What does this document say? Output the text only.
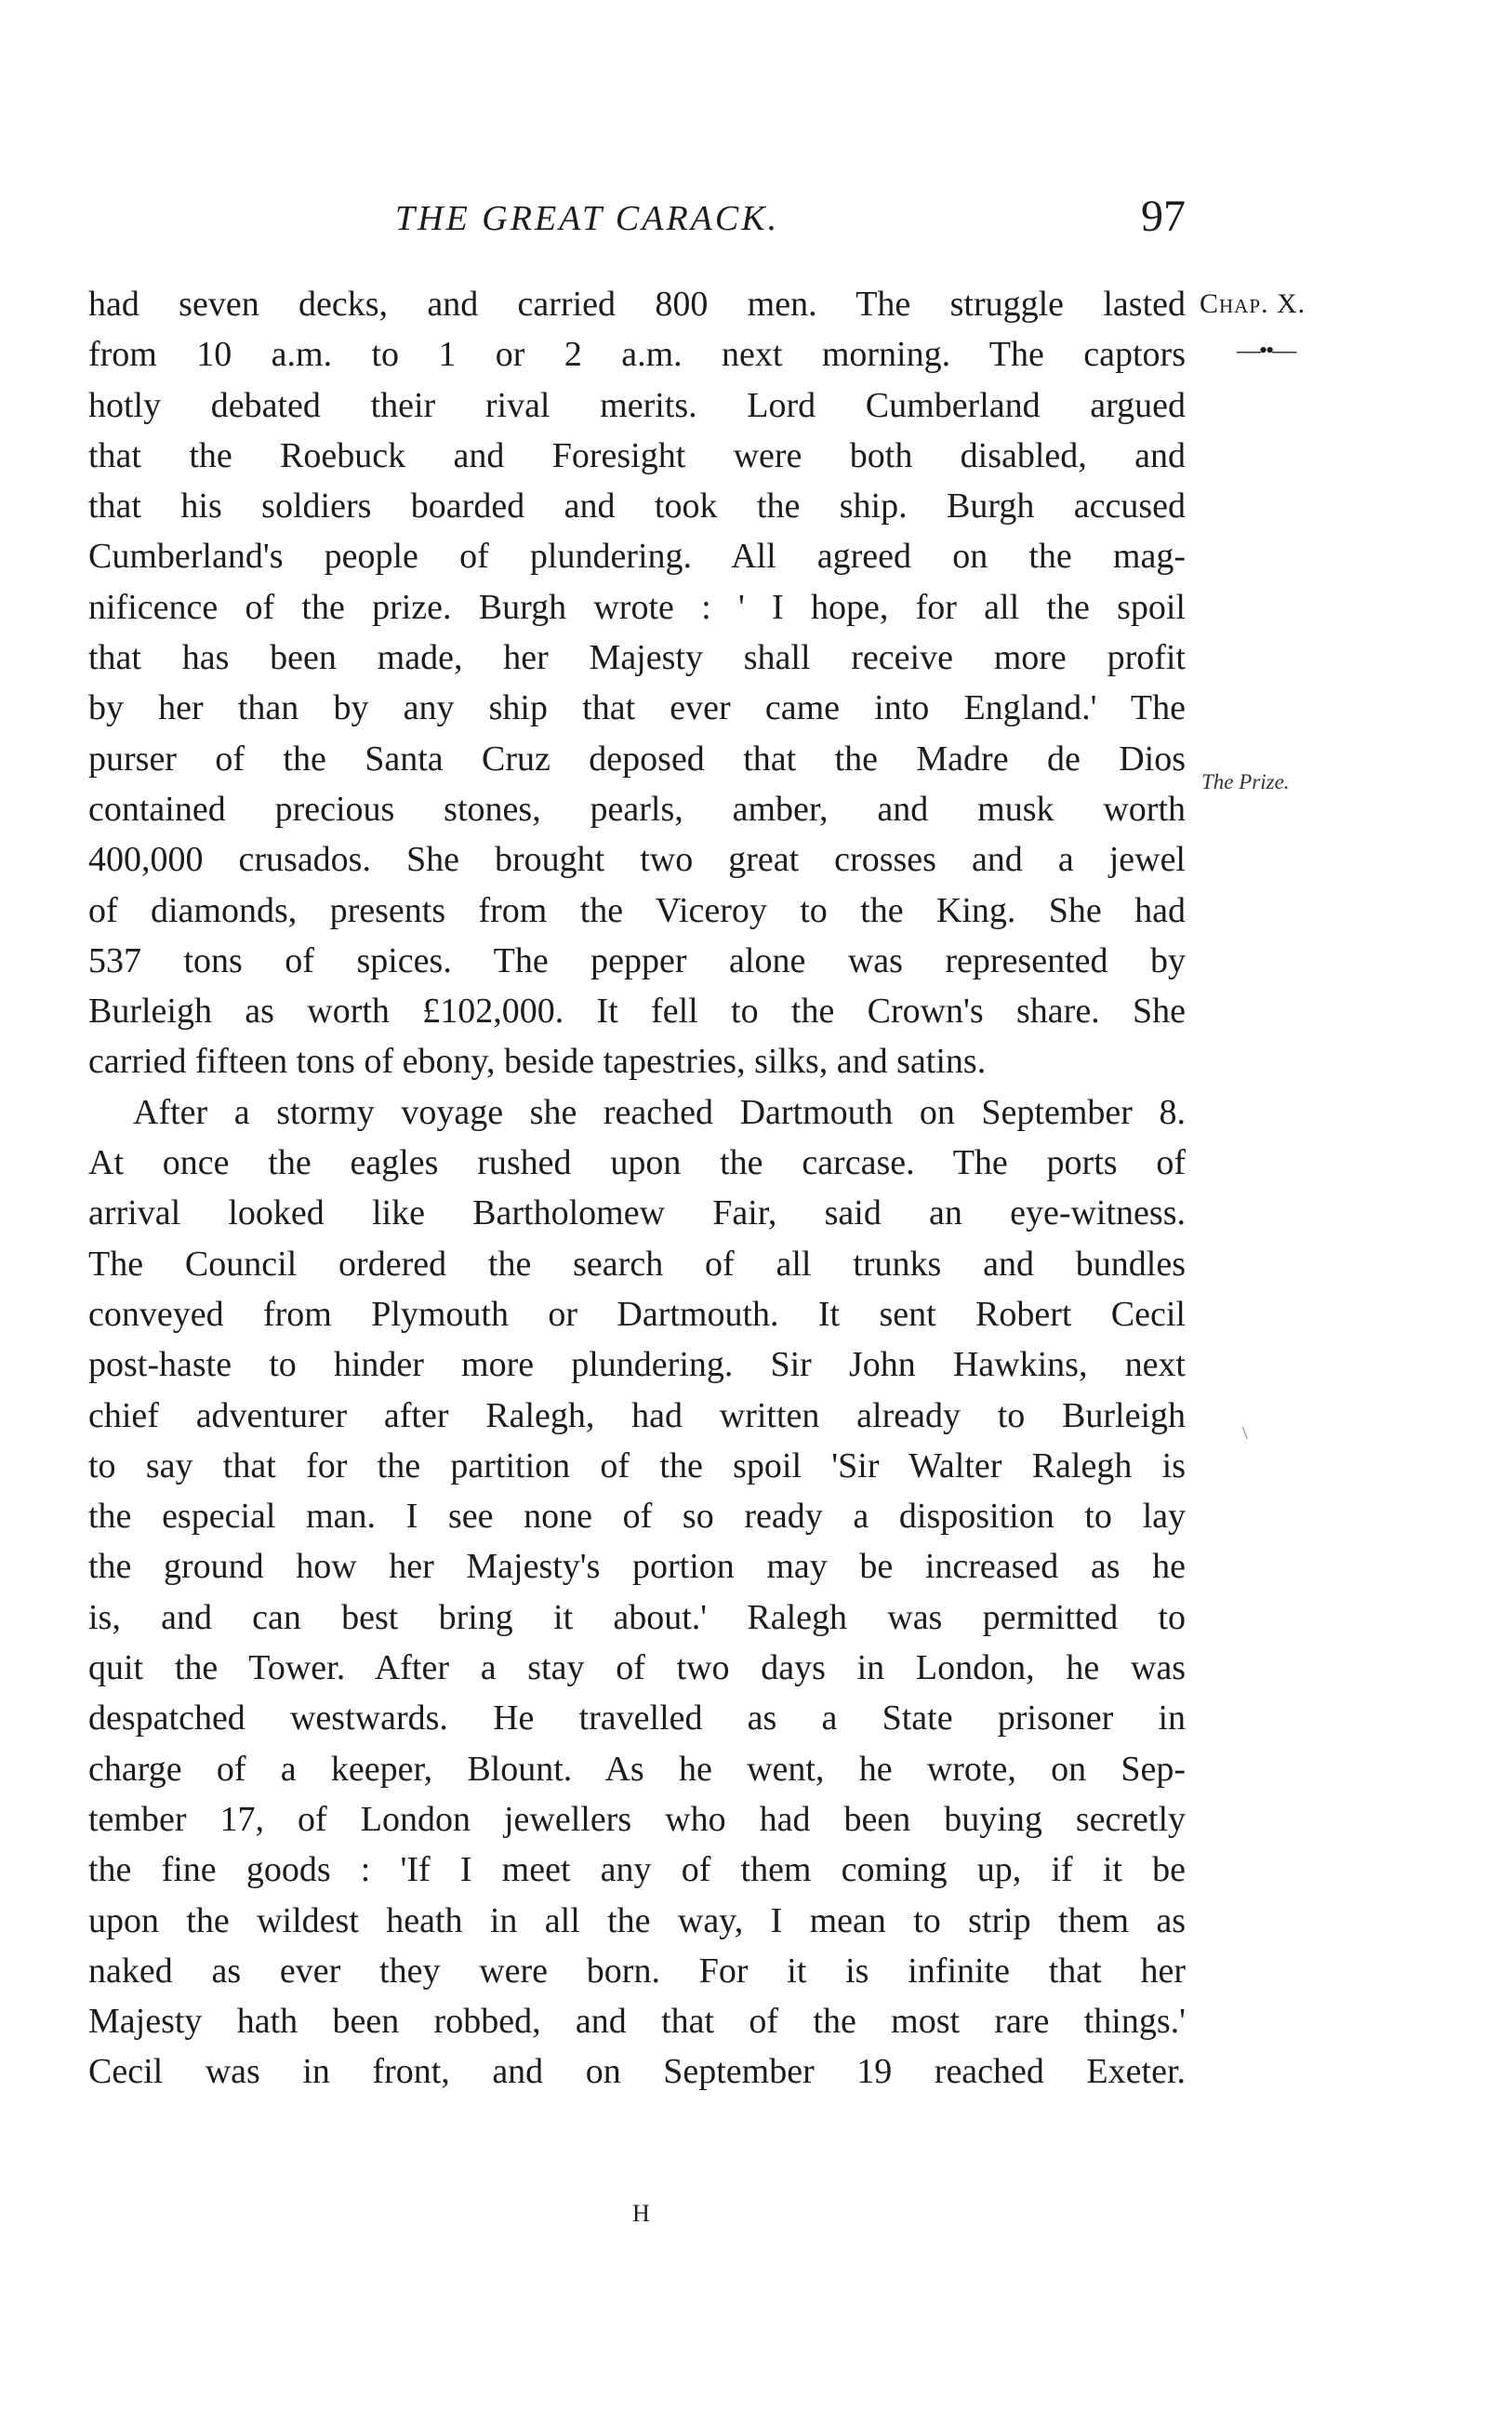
THE GREAT CARACK.	97
had seven decks, and carried 800 men. The struggle lasted
from 10 a.m. to 1 or 2 a.m. next morning. The captors
hotly debated their rival merits. Lord Cumberland argued
that the Roebuck and Foresight were both disabled, and
that his soldiers boarded and took the ship. Burgh accused
Cumberland's people of plundering. All agreed on the mag-
nificence of the prize. Burgh wrote : ' I hope, for all the spoil
that has been made, her Majesty shall receive more profit
by her than by any ship that ever came into England.' The
purser of the Santa Cruz deposed that the Madre de Dios
contained precious stones, pearls, amber, and musk worth
400,000 crusados. She brought two great crosses and a jewel
of diamonds, presents from the Viceroy to the King. She had
537 tons of spices. The pepper alone was represented by
Burleigh as worth £102,000. It fell to the Crown's share. She
carried fifteen tons of ebony, beside tapestries, silks, and satins.
After a stormy voyage she reached Dartmouth on September 8.
At once the eagles rushed upon the carcase. The ports of
arrival looked like Bartholomew Fair, said an eye-witness.
The Council ordered the search of all trunks and bundles
conveyed from Plymouth or Dartmouth. It sent Robert Cecil
post-haste to hinder more plundering. Sir John Hawkins, next
chief adventurer after Ralegh, had written already to Burleigh
to say that for the partition of the spoil 'Sir Walter Ralegh is
the especial man. I see none of so ready a disposition to lay
the ground how her Majesty's portion may be increased as he
is, and can best bring it about.' Ralegh was permitted to
quit the Tower. After a stay of two days in London, he was
despatched westwards. He travelled as a State prisoner in
charge of a keeper, Blount. As he went, he wrote, on Sep-
tember 17, of London jewellers who had been buying secretly
the fine goods : 'If I meet any of them coming up, if it be
upon the wildest heath in all the way, I mean to strip them as
naked as ever they were born. For it is infinite that her
Majesty hath been robbed, and that of the most rare things.'
Cecil was in front, and on September 19 reached Exeter.
Chap. X.
—••—
The Prize.
\
H
